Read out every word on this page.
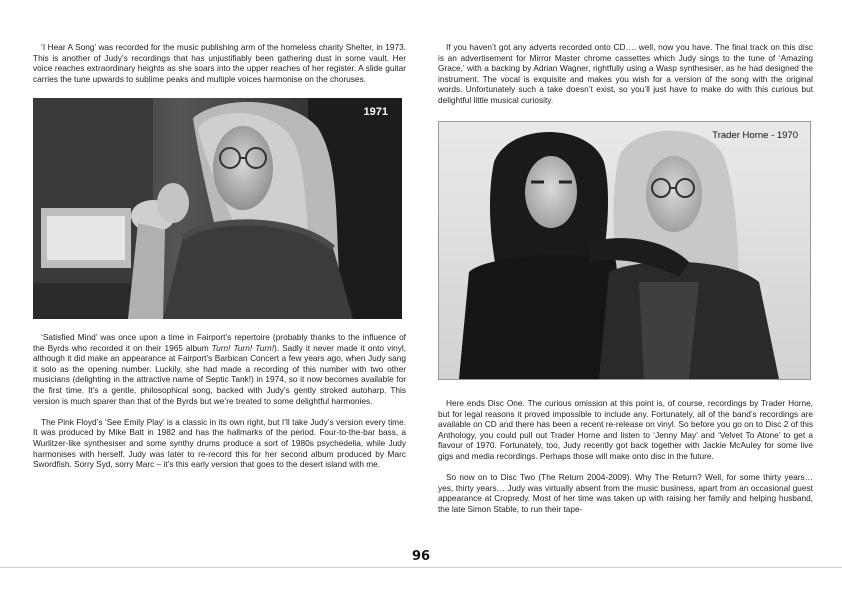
‘I Hear A Song’ was recorded for the music publishing arm of the homeless charity Shelter, in 1973. This is another of Judy’s recordings that has unjustifiably been gathering dust in some vault. Her voice reaches extraordinary heights as she soars into the upper reaches of her register. A slide guitar carries the tune upwards to sublime peaks and multiple voices harmonise on the choruses.

1971

‘Satisfied Mind’ was once upon a time in Fairport’s repertoire (probably thanks to the influence of the Byrds who recorded it on their 1965 album Turn! Turn! Turn!). Sadly it never made it onto vinyl, although it did make an appearance at Fairport’s Barbican Concert a few years ago, when Judy sang it solo as the opening number. Luckily, she had made a recording of this number with two other musicians (delighting in the attractive name of Septic Tank!) in 1974, so it now becomes available for the first time. It’s a gentle, philosophical song, backed with Judy’s gently stroked autoharp. This version is much sparer than that of the Byrds but we’re treated to some delightful harmonies.

The Pink Floyd’s ‘See Emily Play’ is a classic in its own right, but I’ll take Judy’s version every time. It was produced by Mike Batt in 1982 and has the hallmarks of the period. Four-to-the-bar bass, a Wurlitzer-like synthesiser and some synthy drums produce a sort of 1980s psychedelia, while Judy harmonises with herself. Judy was later to re-record this for her second album produced by Marc Swordfish. Sorry Syd, sorry Marc – it’s this early version that goes to the desert island with me.

If you haven’t got any adverts recorded onto CD…. well, now you have. The final track on this disc is an advertisement for Mirror Master chrome cassettes which Judy sings to the tune of ‘Amazing Grace,’ with a backing by Adrian Wagner, rightfully using a Wasp synthesiser, as he had designed the instrument. The vocal is exquisite and makes you wish for a version of the song with the original words. Unfortunately such a take doesn’t exist, so you’ll just have to make do with this curious but delightful little musical curiosity.

Trader Horne - 1970

Here ends Disc One. The curious omission at this point is, of course, recordings by Trader Horne, but for legal reasons it proved impossible to include any. Fortunately, all of the band’s recordings are available on CD and there has been a recent re-release on vinyl. So before you go on to Disc 2 of this Anthology, you could pull out Trader Horne and listen to ‘Jenny May’ and ‘Velvet To Atone’ to get a flavour of 1970. Fortunately, too, Judy recently got back together with Jackie McAuley for some live gigs and media recordings. Perhaps those will make onto disc in the future.

So now on to Disc Two (The Return 2004-2009). Why The Return? Well, for some thirty years… yes, thirty years… Judy was virtually absent from the music business, apart from an occasional guest appearance at Cropredy. Most of her time was taken up with raising her family and helping husband, the late Simon Stable, to run their tape-

96
